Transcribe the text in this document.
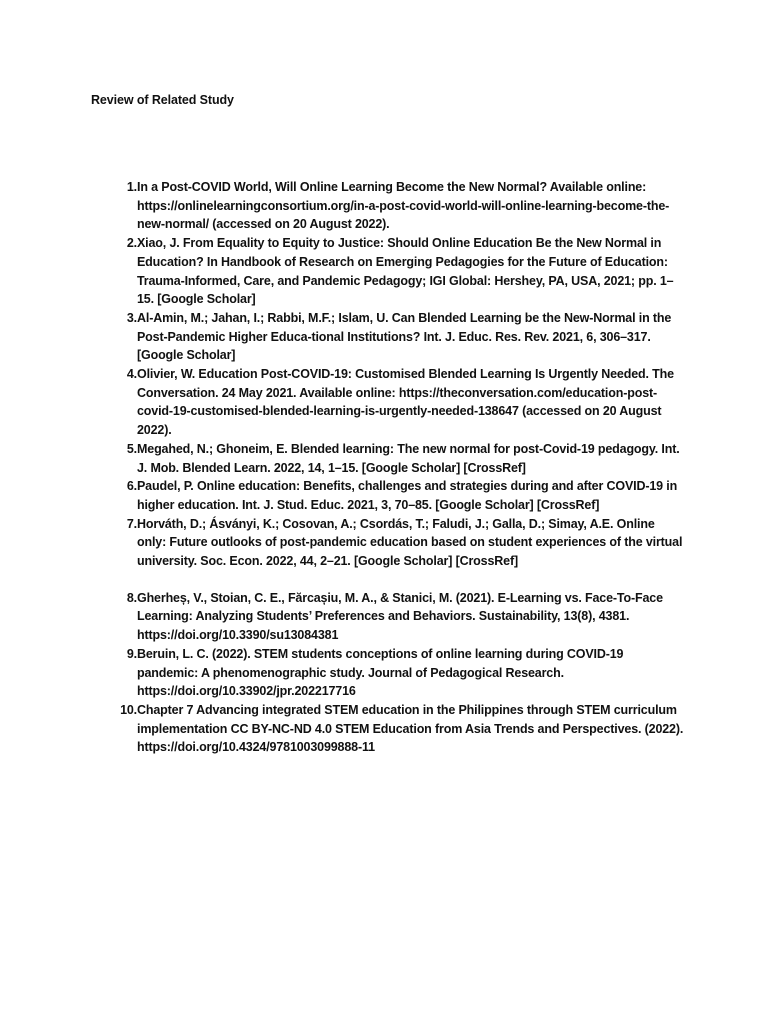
Review of Related Study
1. In a Post-COVID World, Will Online Learning Become the New Normal? Available online: https://onlinelearningconsortium.org/in-a-post-covid-world-will-online-learning-become-the-new-normal/ (accessed on 20 August 2022).
2. Xiao, J. From Equality to Equity to Justice: Should Online Education Be the New Normal in Education? In Handbook of Research on Emerging Pedagogies for the Future of Education: Trauma-Informed, Care, and Pandemic Pedagogy; IGI Global: Hershey, PA, USA, 2021; pp. 1–15. [Google Scholar]
3. Al-Amin, M.; Jahan, I.; Rabbi, M.F.; Islam, U. Can Blended Learning be the New-Normal in the Post-Pandemic Higher Educa-tional Institutions? Int. J. Educ. Res. Rev. 2021, 6, 306–317. [Google Scholar]
4. Olivier, W. Education Post-COVID-19: Customised Blended Learning Is Urgently Needed. The Conversation. 24 May 2021. Available online: https://theconversation.com/education-post-covid-19-customised-blended-learning-is-urgently-needed-138647 (accessed on 20 August 2022).
5. Megahed, N.; Ghoneim, E. Blended learning: The new normal for post-Covid-19 pedagogy. Int. J. Mob. Blended Learn. 2022, 14, 1–15. [Google Scholar] [CrossRef]
6. Paudel, P. Online education: Benefits, challenges and strategies during and after COVID-19 in higher education. Int. J. Stud. Educ. 2021, 3, 70–85. [Google Scholar] [CrossRef]
7. Horváth, D.; Ásványi, K.; Cosovan, A.; Csordás, T.; Faludi, J.; Galla, D.; Simay, A.E. Online only: Future outlooks of post-pandemic education based on student experiences of the virtual university. Soc. Econ. 2022, 44, 2–21. [Google Scholar] [CrossRef]
8. Gherheș, V., Stoian, C. E., Fărcașiu, M. A., & Stanici, M. (2021). E-Learning vs. Face-To-Face Learning: Analyzing Students’ Preferences and Behaviors. Sustainability, 13(8), 4381. https://doi.org/10.3390/su13084381
9. Beruin, L. C. (2022). STEM students conceptions of online learning during COVID-19 pandemic: A phenomenographic study. Journal of Pedagogical Research. https://doi.org/10.33902/jpr.202217716
10. Chapter 7 Advancing integrated STEM education in the Philippines through STEM curriculum implementation CC BY-NC-ND 4.0 STEM Education from Asia Trends and Perspectives. (2022). https://doi.org/10.4324/9781003099888-11
